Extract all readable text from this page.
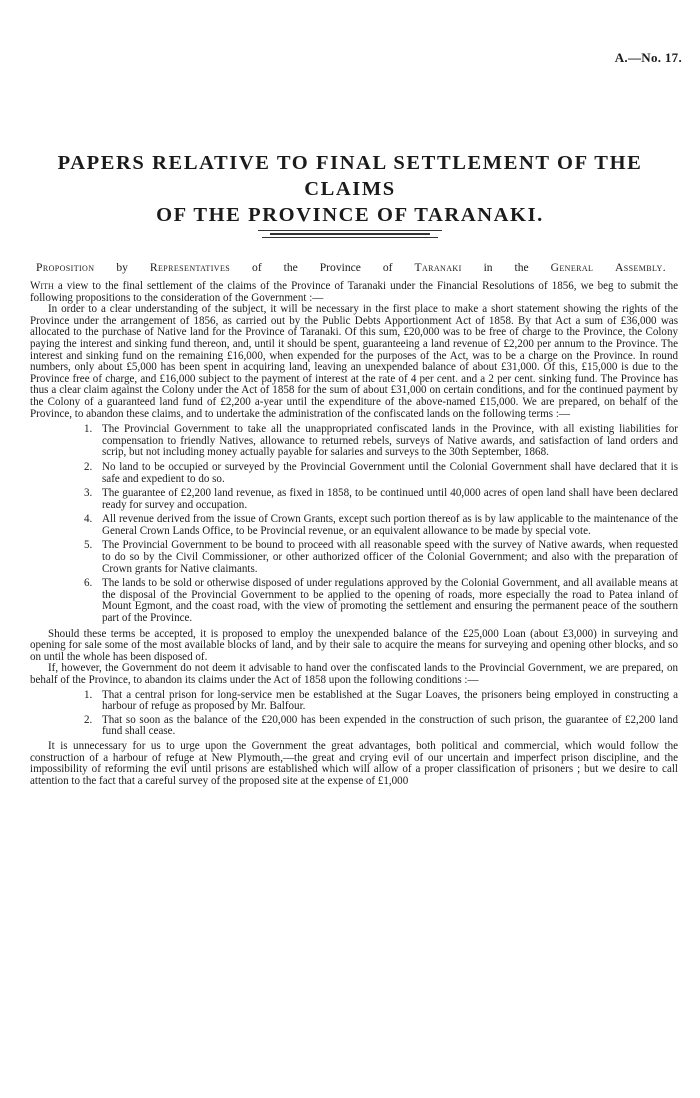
A.—No. 17.
PAPERS RELATIVE TO FINAL SETTLEMENT OF THE CLAIMS
OF THE PROVINCE OF TARANAKI.
Proposition by Representatives of the Province of Taranaki in the General Assembly.

With a view to the final settlement of the claims of the Province of Taranaki under the Financial Resolutions of 1856, we beg to submit the following propositions to the consideration of the Government :—

In order to a clear understanding of the subject, it will be necessary in the first place to make a short statement showing the rights of the Province under the arrangement of 1856, as carried out by the Public Debts Apportionment Act of 1858. By that Act a sum of £36,000 was allocated to the purchase of Native land for the Province of Taranaki. Of this sum, £20,000 was to be free of charge to the Province, the Colony paying the interest and sinking fund thereon, and, until it should be spent, guaranteeing a land revenue of £2,200 per annum to the Province. The interest and sinking fund on the remaining £16,000, when expended for the purposes of the Act, was to be a charge on the Province. In round numbers, only about £5,000 has been spent in acquiring land, leaving an unexpended balance of about £31,000. Of this, £15,000 is due to the Province free of charge, and £16,000 subject to the payment of interest at the rate of 4 per cent. and a 2 per cent. sinking fund. The Province has thus a clear claim against the Colony under the Act of 1858 for the sum of about £31,000 on certain conditions, and for the continued payment by the Colony of a guaranteed land fund of £2,200 a-year until the expenditure of the above-named £15,000. We are prepared, on behalf of the Province, to abandon these claims, and to undertake the administration of the confiscated lands on the following terms :—

1. The Provincial Government to take all the unappropriated confiscated lands in the Province, with all existing liabilities for compensation to friendly Natives, allowance to returned rebels, surveys of Native awards, and satisfaction of land orders and scrip, but not including money actually payable for salaries and surveys to the 30th September, 1868.
2. No land to be occupied or surveyed by the Provincial Government until the Colonial Government shall have declared that it is safe and expedient to do so.
3. The guarantee of £2,200 land revenue, as fixed in 1858, to be continued until 40,000 acres of open land shall have been declared ready for survey and occupation.
4. All revenue derived from the issue of Crown Grants, except such portion thereof as is by law applicable to the maintenance of the General Crown Lands Office, to be Provincial revenue, or an equivalent allowance to be made by special vote.
5. The Provincial Government to be bound to proceed with all reasonable speed with the survey of Native awards, when requested to do so by the Civil Commissioner, or other authorized officer of the Colonial Government; and also with the preparation of Crown grants for Native claimants.
6. The lands to be sold or otherwise disposed of under regulations approved by the Colonial Government, and all available means at the disposal of the Provincial Government to be applied to the opening of roads, more especially the road to Patea inland of Mount Egmont, and the coast road, with the view of promoting the settlement and ensuring the permanent peace of the southern part of the Province.

Should these terms be accepted, it is proposed to employ the unexpended balance of the £25,000 Loan (about £3,000) in surveying and opening for sale some of the most available blocks of land, and by their sale to acquire the means for surveying and opening other blocks, and so on until the whole has been disposed of.

If, however, the Government do not deem it advisable to hand over the confiscated lands to the Provincial Government, we are prepared, on behalf of the Province, to abandon its claims under the Act of 1858 upon the following conditions :—

1. That a central prison for long-service men be established at the Sugar Loaves, the prisoners being employed in constructing a harbour of refuge as proposed by Mr. Balfour.
2. That so soon as the balance of the £20,000 has been expended in the construction of such prison, the guarantee of £2,200 land fund shall cease.

It is unnecessary for us to urge upon the Government the great advantages, both political and commercial, which would follow the construction of a harbour of refuge at New Plymouth,—the great and crying evil of our uncertain and imperfect prison discipline, and the impossibility of reforming the evil until prisons are established which will allow of a proper classification of prisoners ; but we desire to call attention to the fact that a careful survey of the proposed site at the expense of £1,000
